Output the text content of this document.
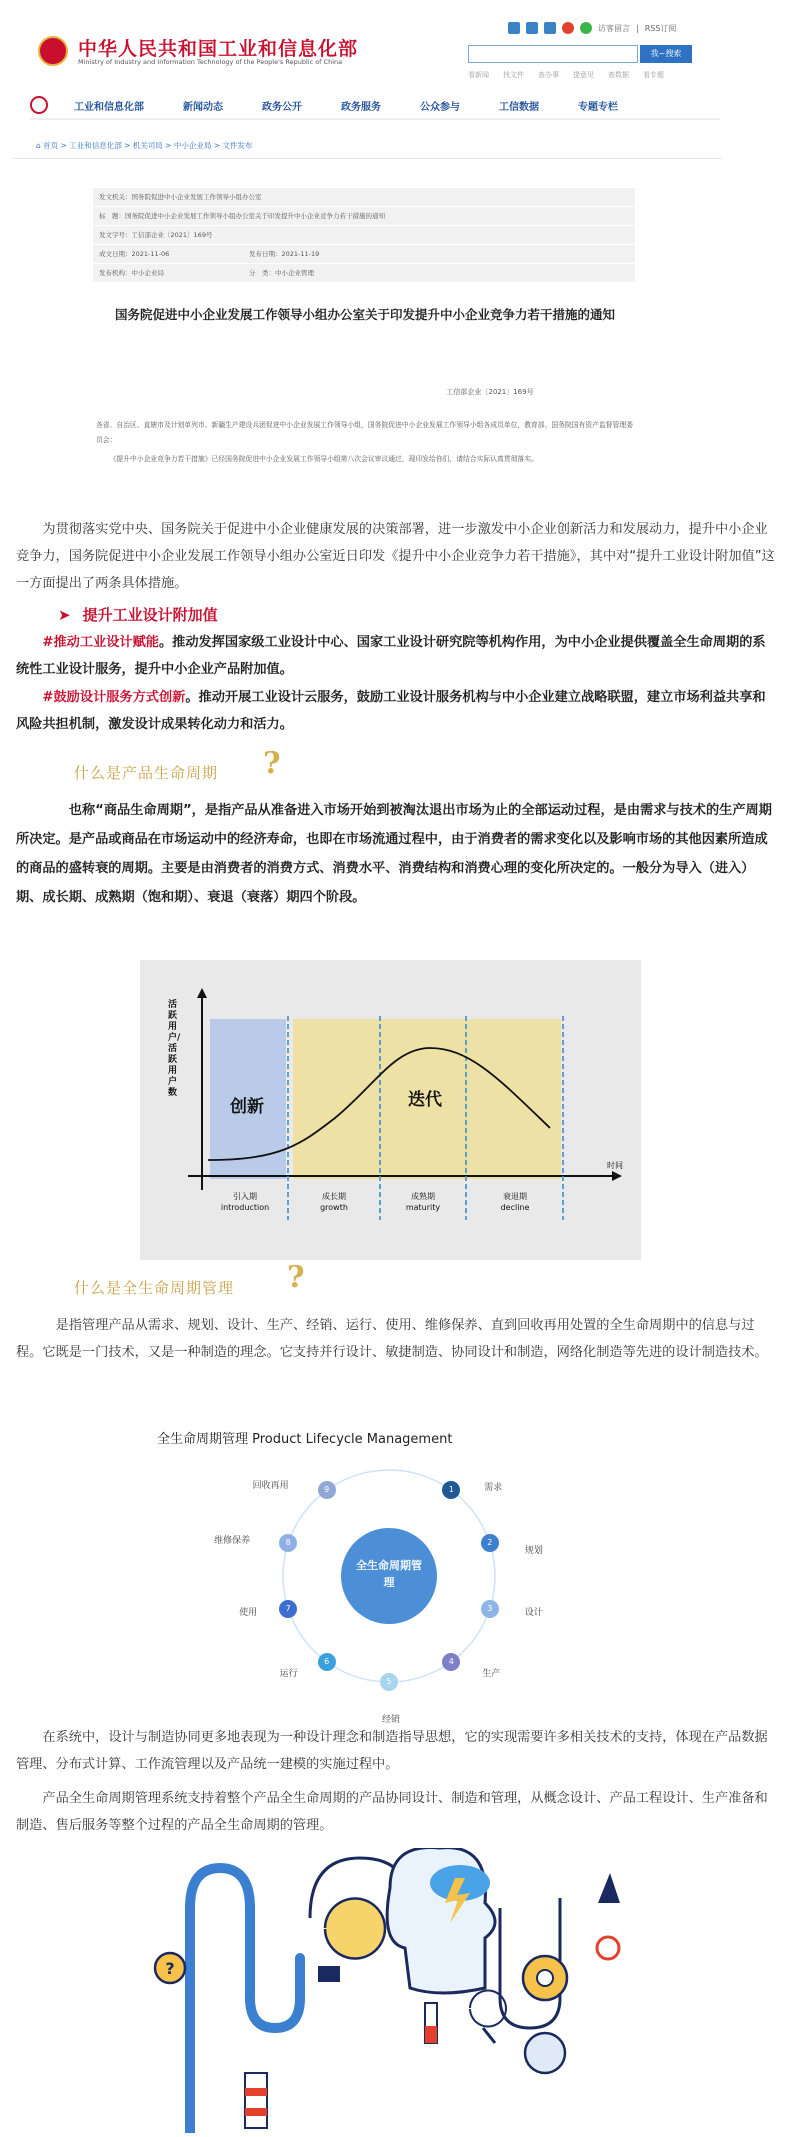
中华人民共和国工业和信息化部
Ministry of Industry and Information Technology of the People's Republic of China
访客留言 | RSS订阅
我~搜索
看新闻 找文件 查办事 提意见 查数据 看专题
工业和信息化部	新闻动态	政务公开	政务服务	公众参与	工信数据	专题专栏
⌂ 首页 > 工业和信息化部 > 机关司局 > 中小企业局 > 文件发布
发文机关：国务院促进中小企业发展工作领导小组办公室
标　题：国务院促进中小企业发展工作领导小组办公室关于印发提升中小企业竞争力若干措施的通知
发文字号：工信部企业〔2021〕169号
成文日期：2021-11-06	发布日期：2021-11-19
发布机构：中小企业局	分　类：中小企业管理
国务院促进中小企业发展工作领导小组办公室关于印发提升中小企业竞争力若干措施的通知
工信部企业〔2021〕169号
各省、自治区、直辖市及计划单列市、新疆生产建设兵团促进中小企业发展工作领导小组，国务院促进中小企业发展工作领导小组各成员单位，教育部、国务院国有资产监督管理委员会：
《提升中小企业竞争力若干措施》已经国务院促进中小企业发展工作领导小组第八次会议审议通过，现印发给你们，请结合实际认真贯彻落实。
为贯彻落实党中央、国务院关于促进中小企业健康发展的决策部署，进一步激发中小企业创新活力和发展动力，提升中小企业竞争力，国务院促进中小企业发展工作领导小组办公室近日印发《提升中小企业竞争力若干措施》，其中对“提升工业设计附加值”这一方面提出了两条具体措施。
➤ 提升工业设计附加值
#推动工业设计赋能。推动发挥国家级工业设计中心、国家工业设计研究院等机构作用，为中小企业提供覆盖全生命周期的系统性工业设计服务，提升中小企业产品附加值。
#鼓励设计服务方式创新。推动开展工业设计云服务，鼓励工业设计服务机构与中小企业建立战略联盟，建立市场利益共享和风险共担机制，激发设计成果转化动力和活力。
什么是产品生命周期 ?
也称“商品生命周期”，是指产品从准备进入市场开始到被淘汰退出市场为止的全部运动过程，是由需求与技术的生产周期所决定。是产品或商品在市场运动中的经济寿命，也即在市场流通过程中，由于消费者的需求变化以及影响市场的其他因素所造成的商品的盛转衰的周期。主要是由消费者的消费方式、消费水平、消费结构和消费心理的变化所决定的。一般分为导入（进入）期、成长期、成熟期（饱和期）、衰退（衰落）期四个阶段。
创新	迭代
时间
引入期
introduction
成长期
growth
成熟期
maturity
衰退期
decline
活跃用户/活跃用户数
什么是全生命周期管理 ?
是指管理产品从需求、规划、设计、生产、经销、运行、使用、维修保养、直到回收再用处置的全生命周期中的信息与过程。它既是一门技术，又是一种制造的理念。它支持并行设计、敏捷制造、协同设计和制造，网络化制造等先进的设计制造技术。
全生命周期管理 Product Lifecycle Management
全生命周期管理
1	需求
2
规划
3	设计
4
生产
5
经销
6
运行
7
使用
8
维修保养
9
回收再用
在系统中，设计与制造协同更多地表现为一种设计理念和制造指导思想，它的实现需要许多相关技术的支持，体现在产品数据管理、分布式计算、工作流管理以及产品统一建模的实施过程中。
产品全生命周期管理系统支持着整个产品全生命周期的产品协同设计、制造和管理，从概念设计、产品工程设计、生产准备和制造、售后服务等整个过程的产品全生命周期的管理。
?
